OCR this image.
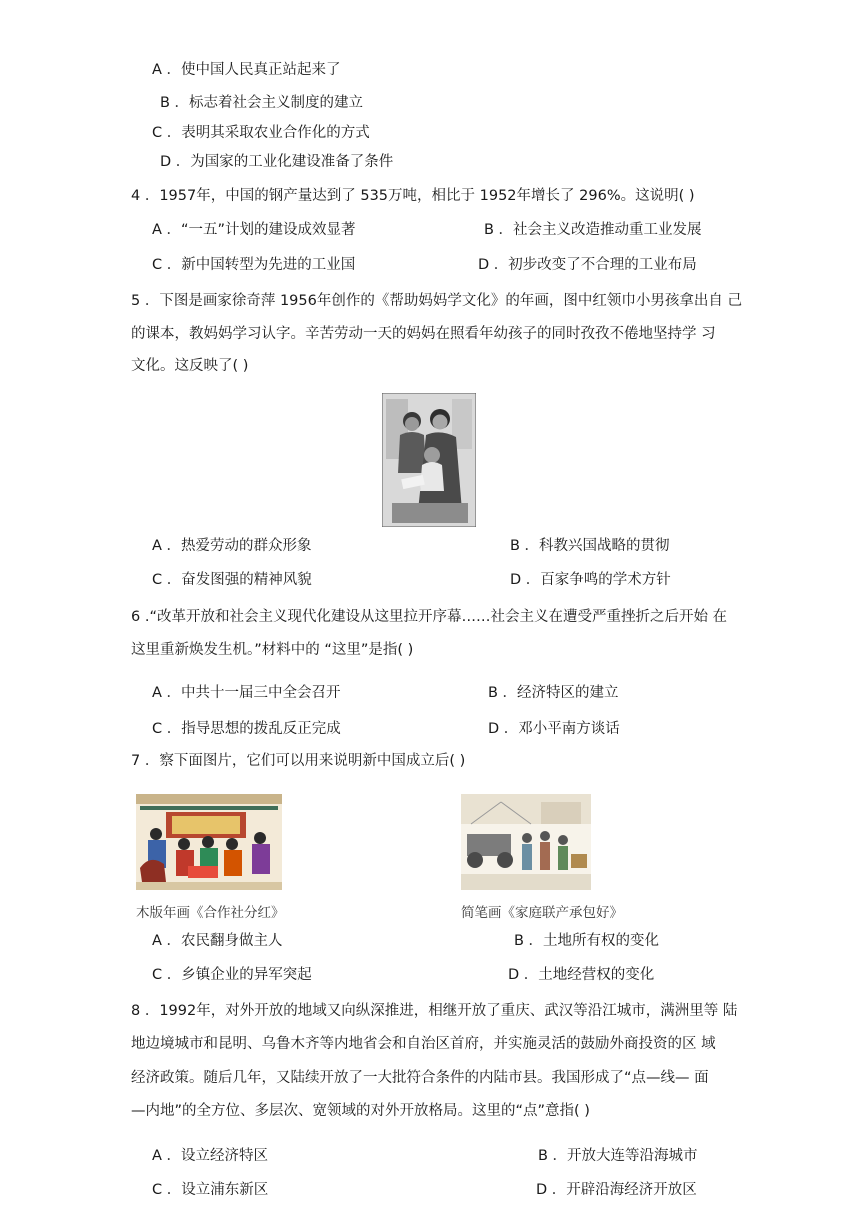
A ．使中国人民真正站起来了
B ．标志着社会主义制度的建立
C ．表明其采取农业合作化的方式
D ．为国家的工业化建设准备了条件
4 ．1957年，中国的钢产量达到了 535万吨，相比于 1952年增长了 296%。这说明( )
A ．“一五”计划的建设成效显著	B ．社会主义改造推动重工业发展
C ．新中国转型为先进的工业国	D ．初步改变了不合理的工业布局
5 ．下图是画家徐奇萍 1956年创作的《帮助妈妈学文化》的年画，图中红领巾小男孩拿出自 己
的课本，教妈妈学习认字。辛苦劳动一天的妈妈在照看年幼孩子的同时孜孜不倦地坚持学 习
文化。这反映了( )
A ．热爱劳动的群众形象	B ．科教兴国战略的贯彻
C ．奋发图强的精神风貌	D ．百家争鸣的学术方针
6 .“改革开放和社会主义现代化建设从这里拉开序幕……社会主义在遭受严重挫折之后开始 在
这里重新焕发生机。”材料中的 “这里”是指( )
A ．中共十一届三中全会召开	B ．经济特区的建立
C ．指导思想的拨乱反正完成	D ．邓小平南方谈话
7 ．察下面图片，它们可以用来说明新中国成立后( )
木版年画《合作社分红》	简笔画《家庭联产承包好》
A ．农民翻身做主人	B ．土地所有权的变化
C ．乡镇企业的异军突起	D ．土地经营权的变化
8 ．1992年，对外开放的地域又向纵深推进，相继开放了重庆、武汉等沿江城市，满洲里等 陆
地边境城市和昆明、乌鲁木齐等内地省会和自治区首府，并实施灵活的鼓励外商投资的区 域
经济政策。随后几年，又陆续开放了一大批符合条件的内陆市县。我国形成了“点—线— 面
—内地”的全方位、多层次、宽领域的对外开放格局。这里的“点”意指( )
A ．设立经济特区	B ．开放大连等沿海城市
C ．设立浦东新区	D ．开辟沿海经济开放区
